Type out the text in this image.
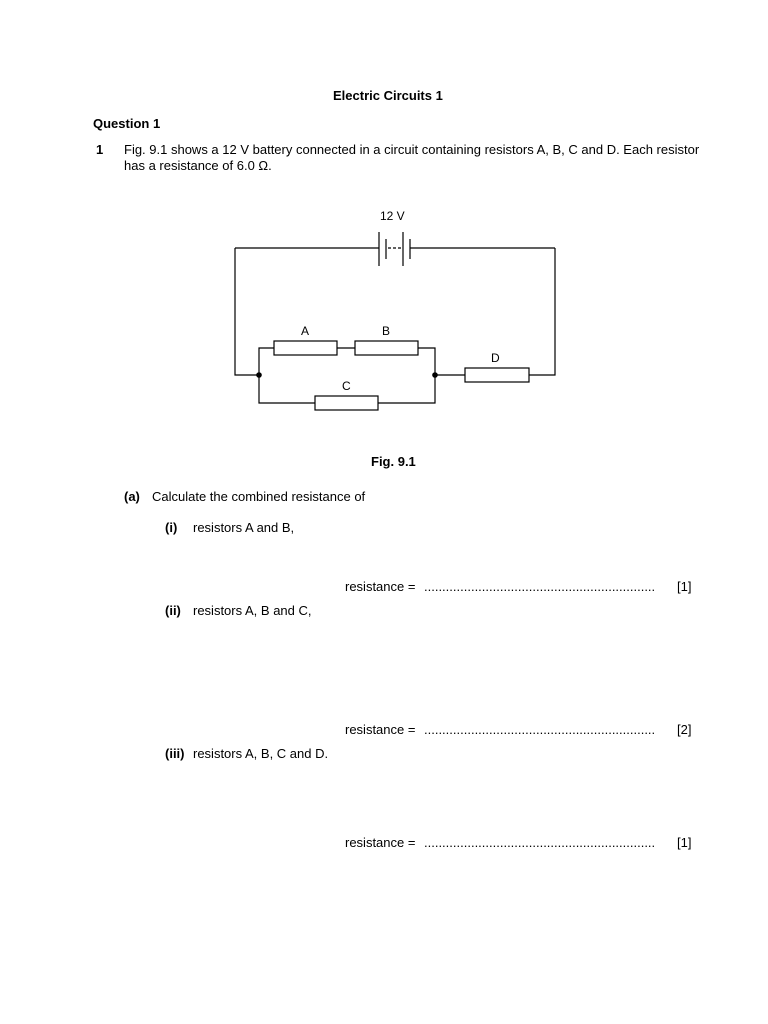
Electric Circuits 1
Question 1
1 Fig. 9.1 shows a 12 V battery connected in a circuit containing resistors A, B, C and D. Each resistor
has a resistance of 6.0 Ω.
12 V
A	B
C
D
Fig. 9.1
(a) Calculate the combined resistance of
(i) resistors A and B,
resistance = ................................................................ [1]
(ii) resistors A, B and C,
resistance = ................................................................ [2]
(iii) resistors A, B, C and D.
resistance = ................................................................ [1]
